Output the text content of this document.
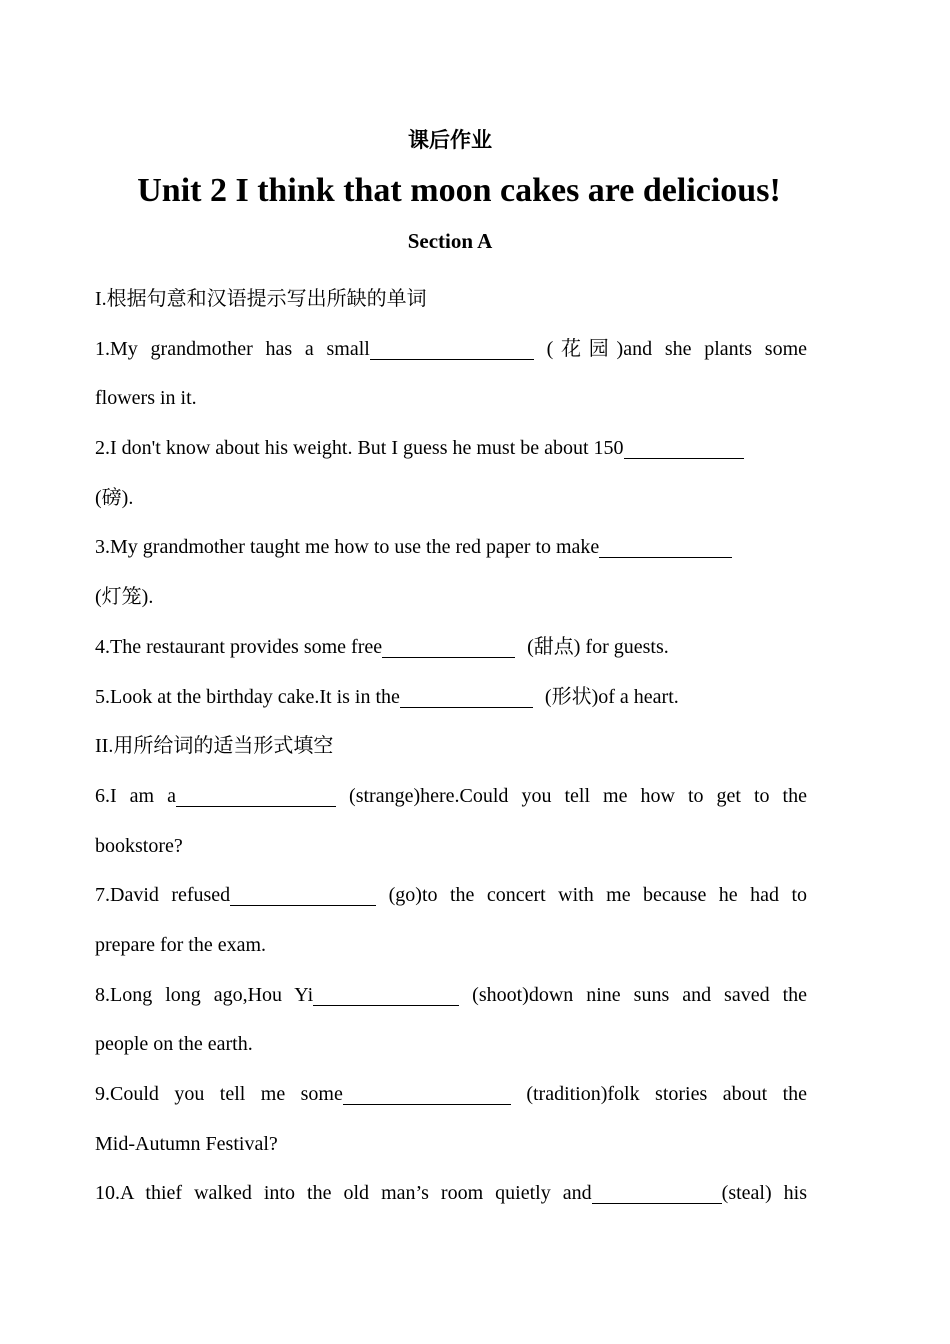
课后作业
Unit 2 I think that moon cakes are delicious!
Section A
I.根据句意和汉语提示写出所缺的单词
1.My grandmother has a small	(花园)and she plants some
flowers in it.
2.I don't know about his weight. But I guess he must be about 150
(磅).
3.My grandmother taught me how to use the red paper to make
(灯笼).
4.The restaurant provides some free	(甜点) for guests.
5.Look at the birthday cake.It is in the	(形状)of a heart.
II.用所给词的适当形式填空
6.I am a	(strange)here.Could you tell me how to get to the
bookstore?
7.David refused	(go)to the concert with me because he had to
prepare for the exam.
8.Long long ago,Hou Yi	(shoot)down nine suns and saved the
people on the earth.
9.Could you tell me some	(tradition)folk stories about the
Mid-Autumn Festival?
10.A thief walked into the old man’s room quietly and	(steal) his
